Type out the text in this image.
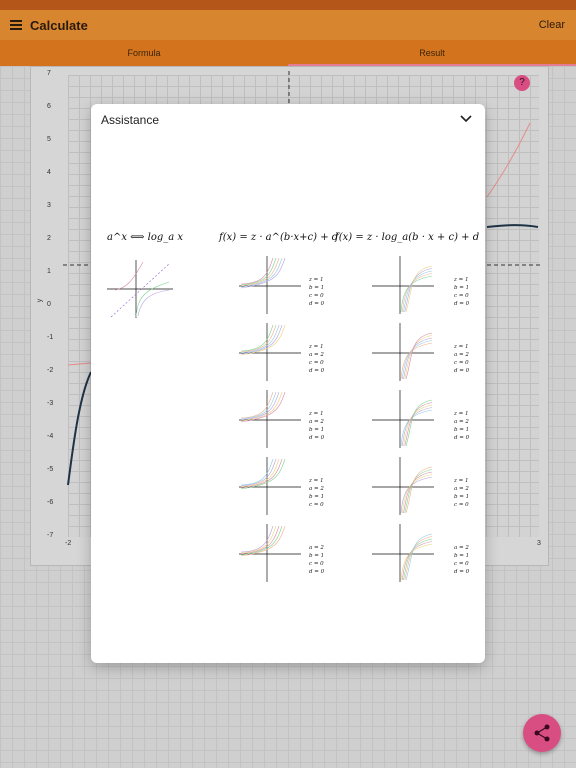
Calculate	Clear
Formula	Result
7
6
5
4
3
2
1
0
-1
-2
-3
-4
-5
-6
-7
-2	3
y
?
Assistance
a^x ⟺ log_a x	f(x) = z · a^(b·x+c) + d
f(x) = z · log_a(b · x + c) + d
z = 1
b = 1
c = 0
d = 0
z = 1
b = 1
c = 0
d = 0
z = 1
a = 2
c = 0
d = 0
z = 1
a = 2
c = 0
d = 0
z = 1
a = 2
b = 1
d = 0
z = 1
a = 2
b = 1
d = 0
z = 1
a = 2
b = 1
c = 0
z = 1
a = 2
b = 1
c = 0
a = 2
b = 1
c = 0
d = 0
a = 2
b = 1
c = 0
d = 0
